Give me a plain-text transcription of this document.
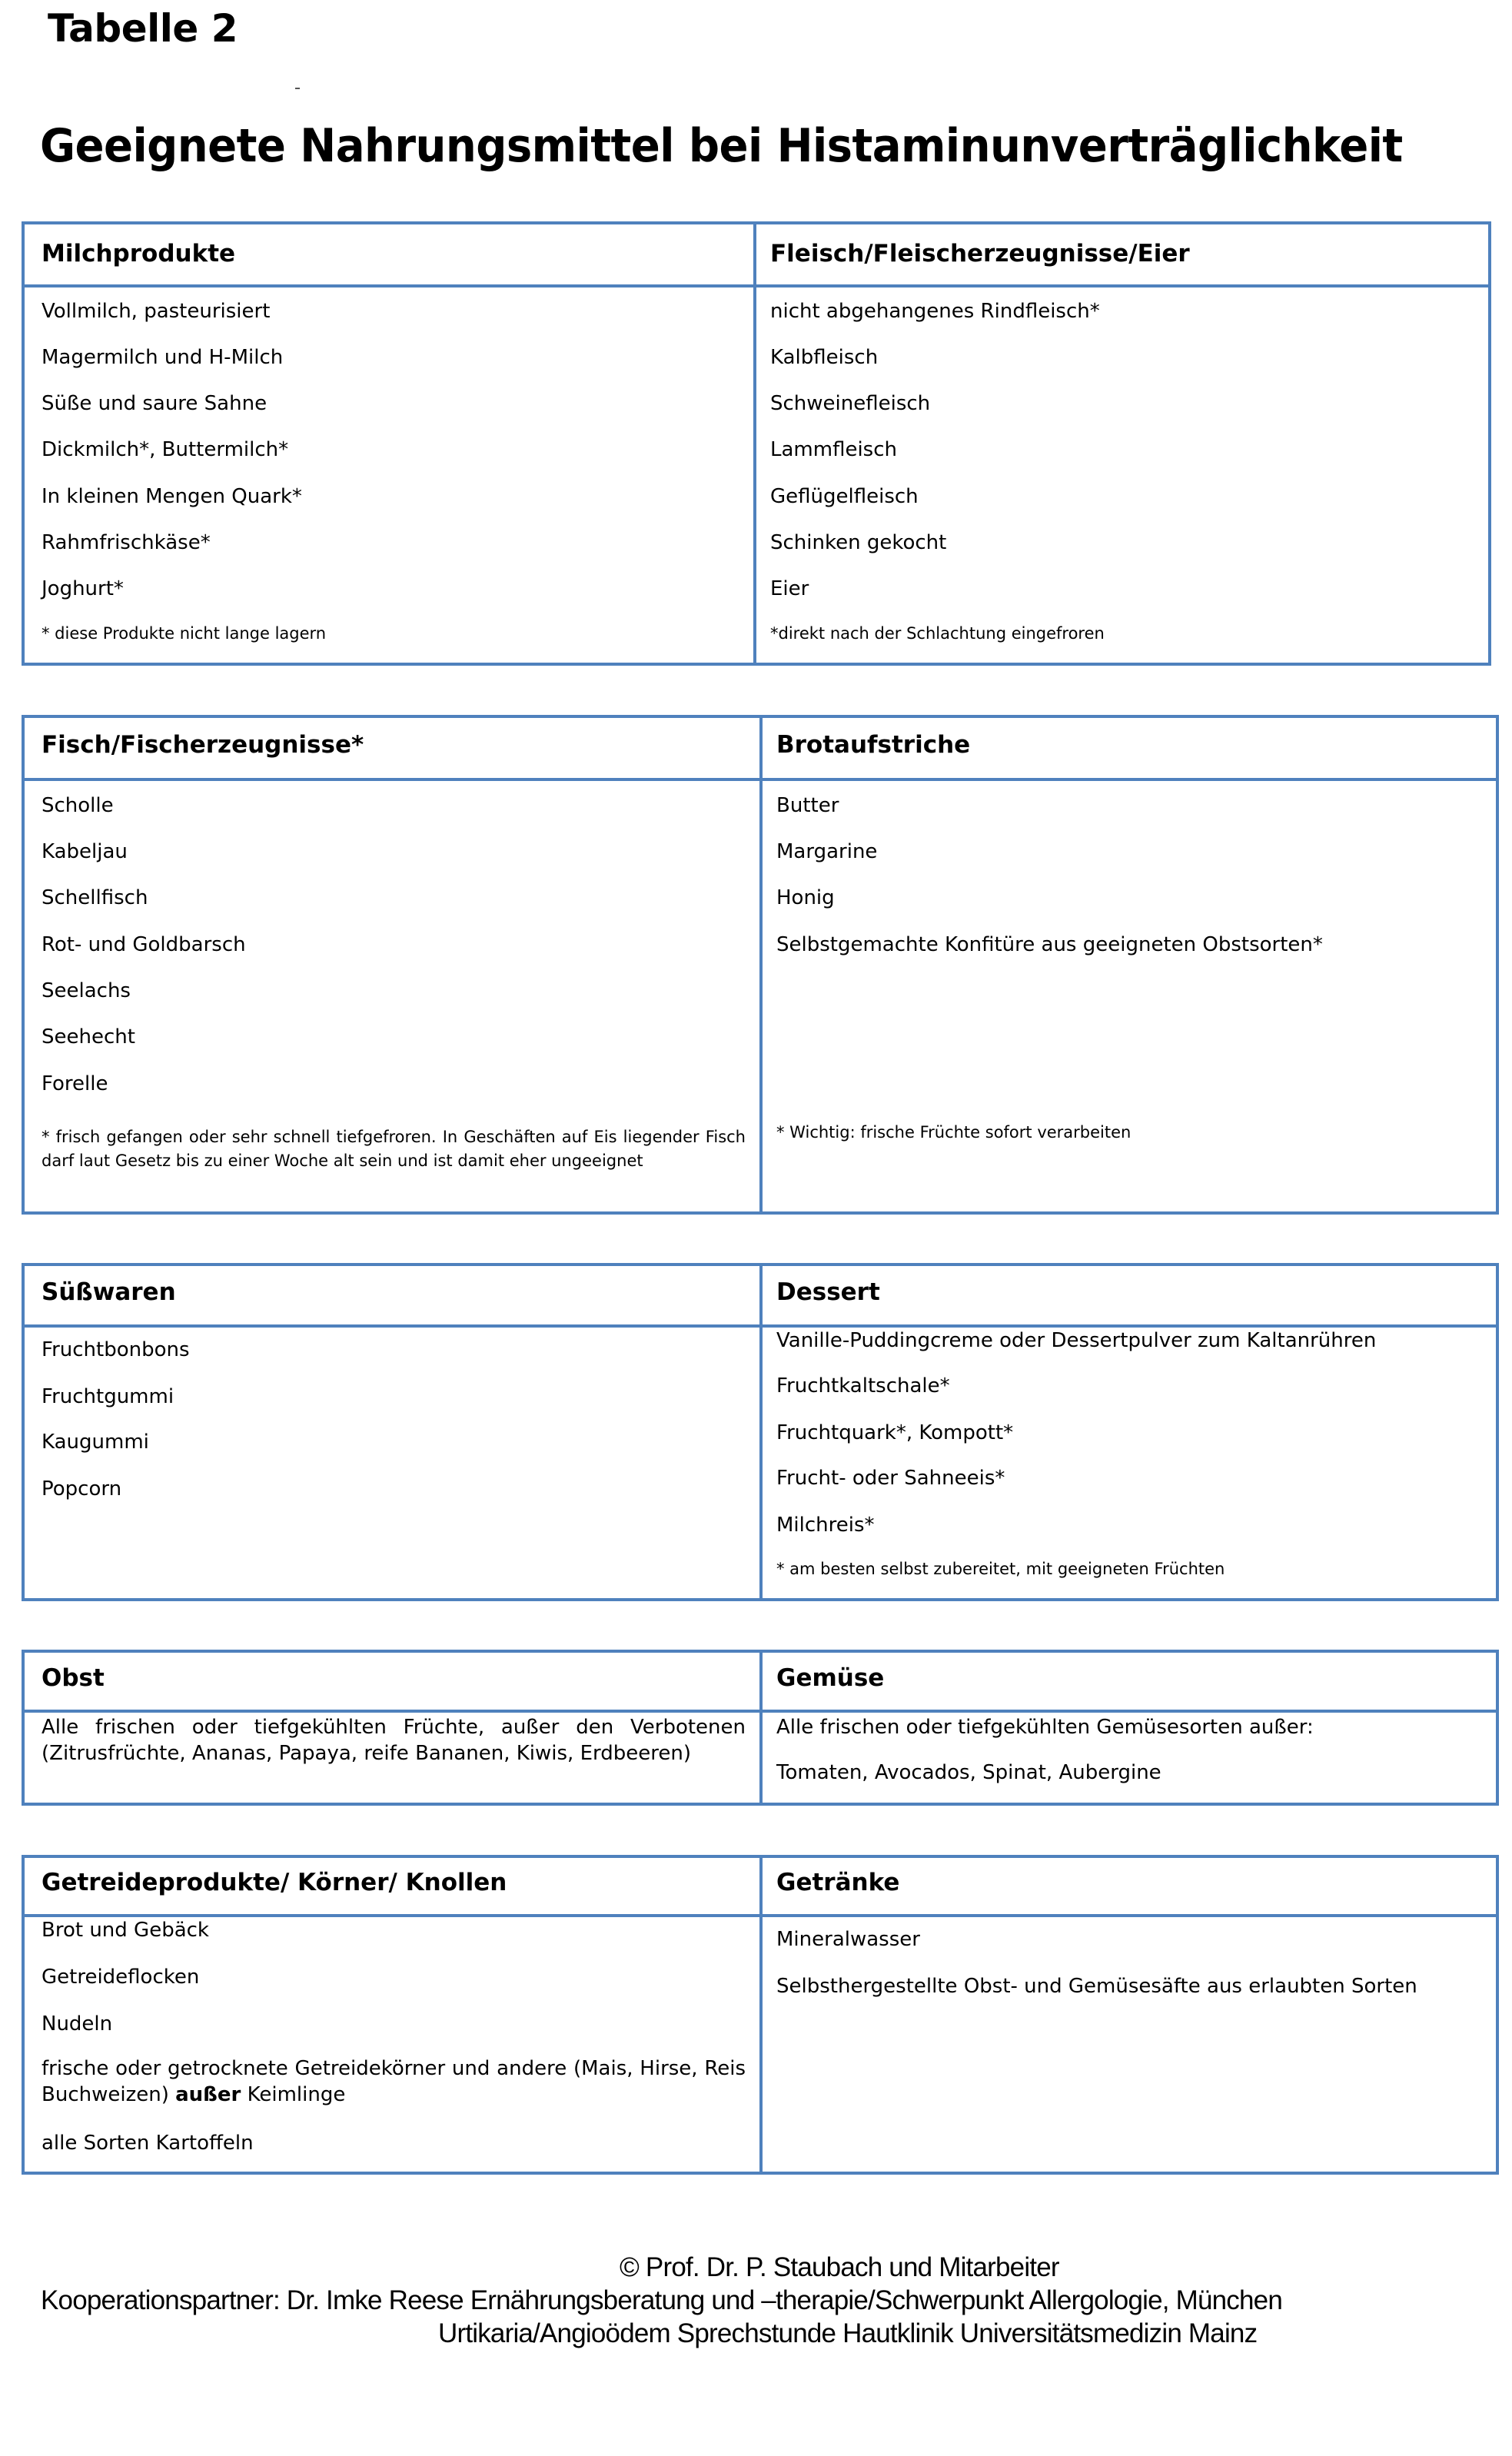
Tabelle 2
Geeignete Nahrungsmittel bei Histaminunverträglichkeit
Milchprodukte
Vollmilch, pasteurisiert
Magermilch und H-Milch
Süße und saure Sahne
Dickmilch*, Buttermilch*
In kleinen Mengen Quark*
Rahmfrischkäse*
Joghurt*
* diese Produkte nicht lange lagern
Fleisch/Fleischerzeugnisse/Eier
nicht abgehangenes Rindfleisch*
Kalbfleisch
Schweinefleisch
Lammfleisch
Geflügelfleisch
Schinken gekocht
Eier
*direkt nach der Schlachtung eingefroren
Fisch/Fischerzeugnisse*
Scholle
Kabeljau
Schellfisch
Rot- und Goldbarsch
Seelachs
Seehecht
Forelle
* frisch gefangen oder sehr schnell tiefgefroren. In Geschäften auf Eis liegender Fisch darf laut Gesetz bis zu einer Woche alt sein und ist damit eher ungeeignet
Brotaufstriche
Butter
Margarine
Honig
Selbstgemachte Konfitüre aus geeigneten Obstsorten*
* Wichtig: frische Früchte sofort verarbeiten
Süßwaren
Fruchtbonbons
Fruchtgummi
Kaugummi
Popcorn
Dessert
Vanille-Puddingcreme oder Dessertpulver zum Kaltanrühren
Fruchtkaltschale*
Fruchtquark*, Kompott*
Frucht- oder Sahneeis*
Milchreis*
* am besten selbst zubereitet, mit geeigneten Früchten
Obst
Alle frischen oder tiefgekühlten Früchte, außer den Verbotenen (Zitrusfrüchte, Ananas, Papaya, reife Bananen, Kiwis, Erdbeeren)
Gemüse
Alle frischen oder tiefgekühlten Gemüsesorten außer:
Tomaten, Avocados, Spinat, Aubergine
Getreideprodukte/ Körner/ Knollen
Brot und Gebäck
Getreideflocken
Nudeln
frische oder getrocknete Getreidekörner und andere (Mais, Hirse, Reis Buchweizen) außer Keimlinge
alle Sorten Kartoffeln
Getränke
Mineralwasser
Selbsthergestellte Obst- und Gemüsesäfte aus erlaubten Sorten
© Prof. Dr. P. Staubach und Mitarbeiter
Kooperationspartner: Dr. Imke Reese Ernährungsberatung und –therapie/Schwerpunkt Allergologie, München
Urtikaria/Angioödem Sprechstunde Hautklinik Universitätsmedizin Mainz
